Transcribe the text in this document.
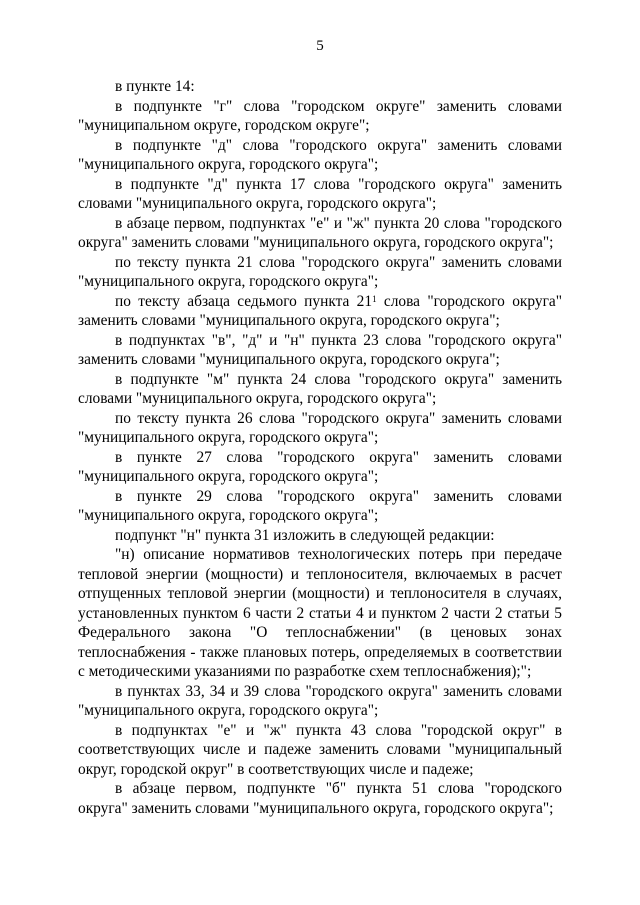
5

в пункте 14:

в подпункте "г" слова "городском округе" заменить словами "муниципальном округе, городском округе";

в подпункте "д" слова "городского округа" заменить словами "муниципального округа, городского округа";

в подпункте "д" пункта 17 слова "городского округа" заменить словами "муниципального округа, городского округа";

в абзаце первом, подпунктах "е" и "ж" пункта 20 слова "городского округа" заменить словами "муниципального округа, городского округа";

по тексту пункта 21 слова "городского округа" заменить словами "муниципального округа, городского округа";

по тексту абзаца седьмого пункта $21^1$ слова "городского округа" заменить словами "муниципального округа, городского округа";

в подпунктах "в", "д" и "н" пункта 23 слова "городского округа" заменить словами "муниципального округа, городского округа";

в подпункте "м" пункта 24 слова "городского округа" заменить словами "муниципального округа, городского округа";

по тексту пункта 26 слова "городского округа" заменить словами "муниципального округа, городского округа";

в пункте 27 слова "городского округа" заменить словами "муниципального округа, городского округа";

в пункте 29 слова "городского округа" заменить словами "муниципального округа, городского округа";

подпункт "н" пункта 31 изложить в следующей редакции:

"н) описание нормативов технологических потерь при передаче тепловой энергии (мощности) и теплоносителя, включаемых в расчет отпущенных тепловой энергии (мощности) и теплоносителя в случаях, установленных пунктом 6 части 2 статьи 4 и пунктом 2 части 2 статьи 5 Федерального закона "О теплоснабжении" (в ценовых зонах теплоснабжения - также плановых потерь, определяемых в соответствии с методическими указаниями по разработке схем теплоснабжения);";

в пунктах 33, 34 и 39 слова "городского округа" заменить словами "муниципального округа, городского округа";

в подпунктах "е" и "ж" пункта 43 слова "городской округ" в соответствующих числе и падеже заменить словами "муниципальный округ, городской округ" в соответствующих числе и падеже;

в абзаце первом, подпункте "б" пункта 51 слова "городского округа" заменить словами "муниципального округа, городского округа";
